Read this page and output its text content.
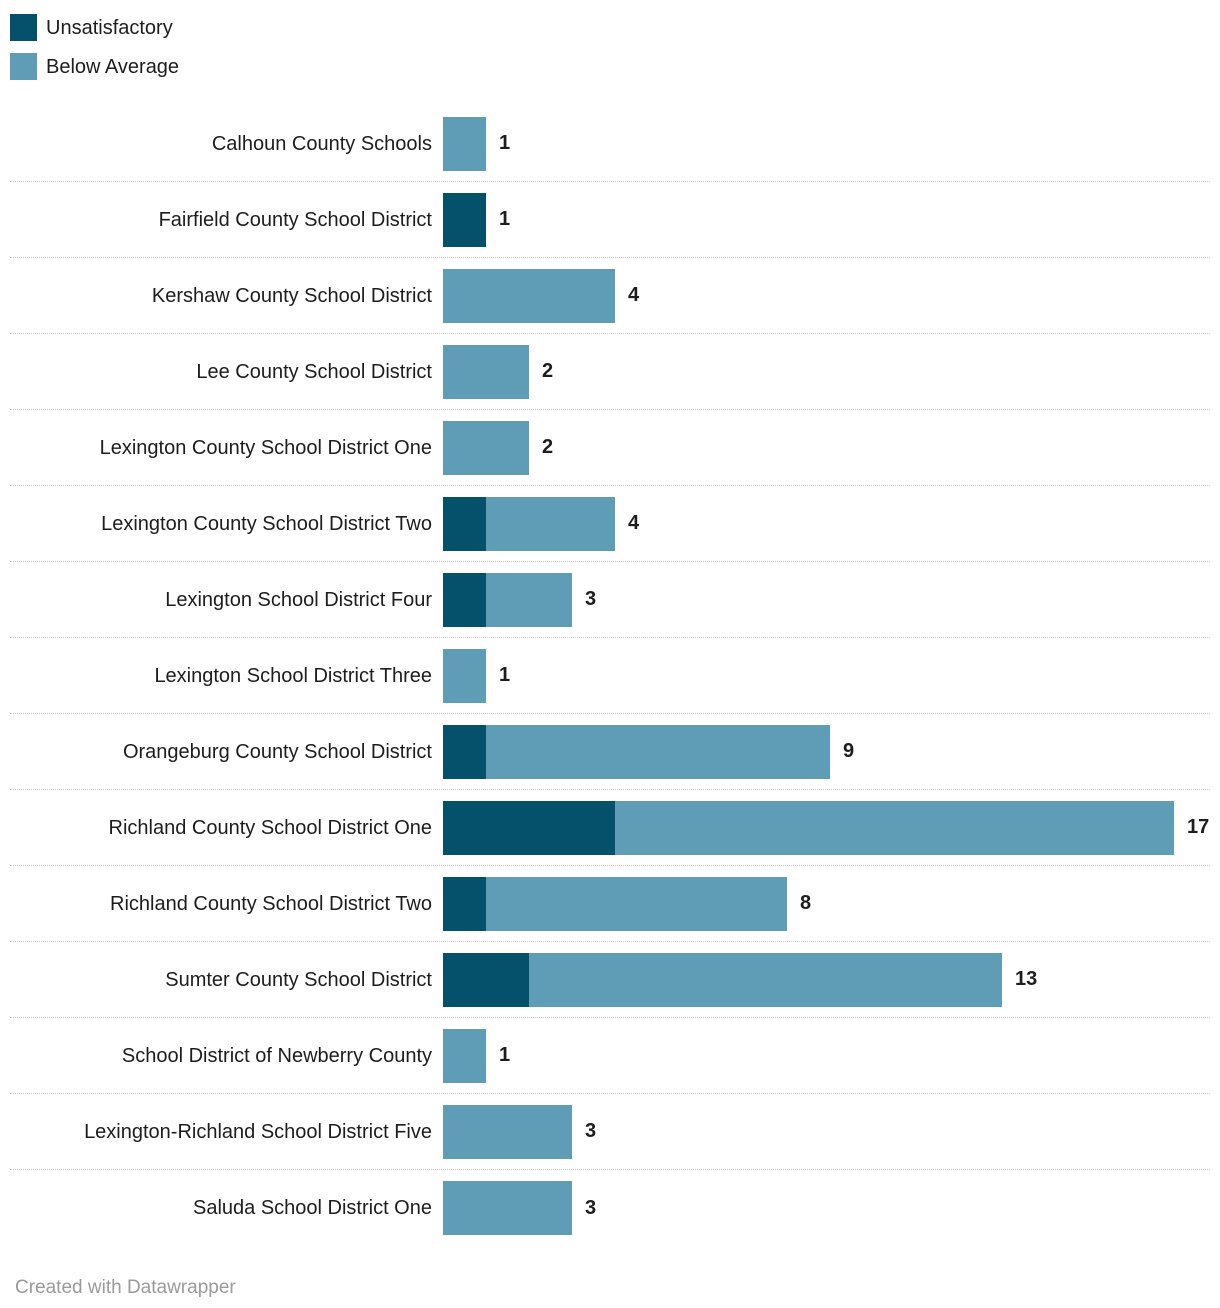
Unsatisfactory
Below Average
Calhoun County Schools	1
Fairfield County School District	1
Kershaw County School District	4
Lee County School District	2
Lexington County School District One	2
Lexington County School District Two	4
Lexington School District Four	3
Lexington School District Three	1
Orangeburg County School District	9
Richland County School District One	17
Richland County School District Two	8
Sumter County School District	13
School District of Newberry County	1
Lexington-Richland School District Five	3
Saluda School District One	3
Created with Datawrapper
